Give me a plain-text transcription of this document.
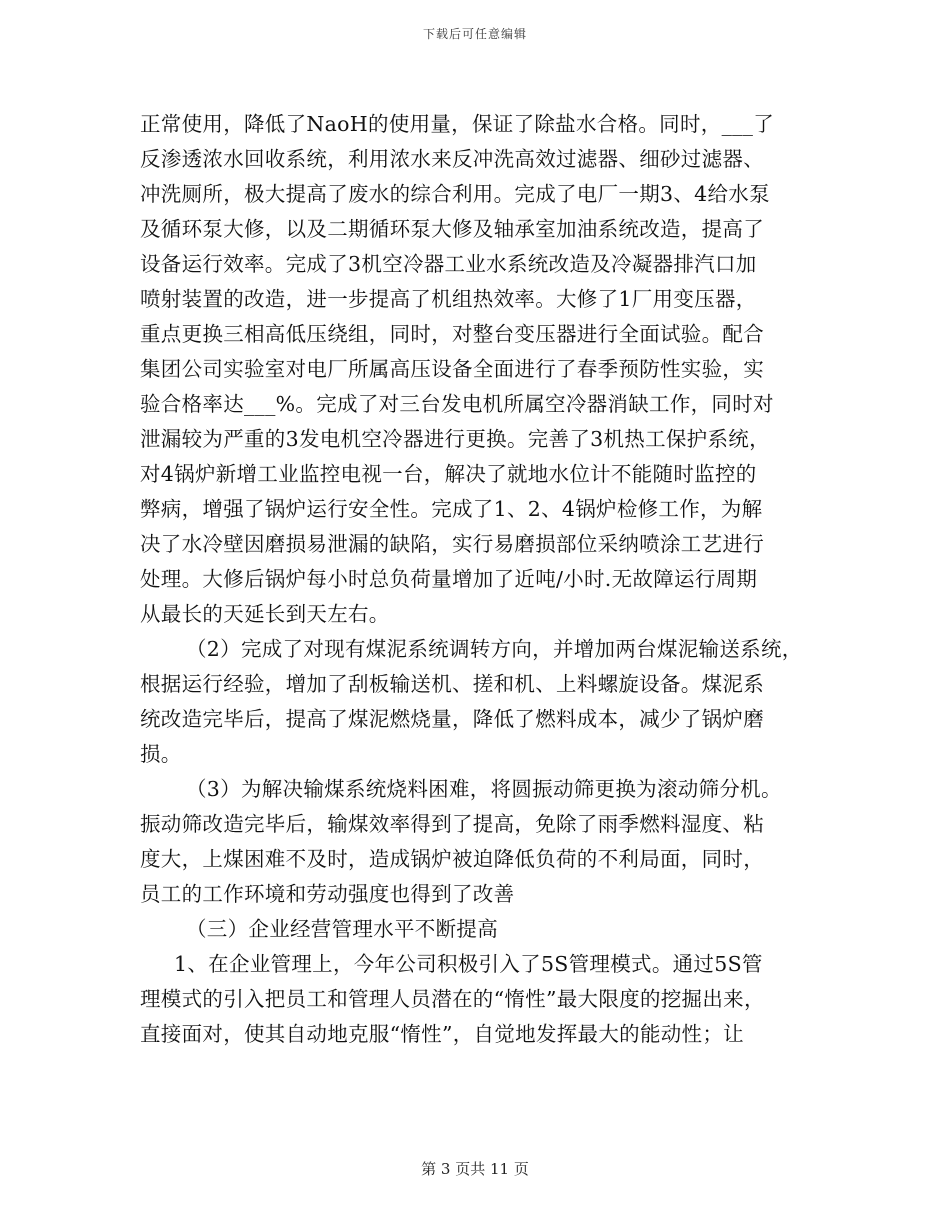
下载后可任意编辑
正常使用，降低了NaoH的使用量，保证了除盐水合格。同时，___了
反渗透浓水回收系统，利用浓水来反冲洗高效过滤器、细砂过滤器、
冲洗厕所，极大提高了废水的综合利用。完成了电厂一期3、4给水泵
及循环泵大修，以及二期循环泵大修及轴承室加油系统改造，提高了
设备运行效率。完成了3机空冷器工业水系统改造及冷凝器排汽口加
喷射装置的改造，进一步提高了机组热效率。大修了1厂用变压器，
重点更换三相高低压绕组，同时，对整台变压器进行全面试验。配合
集团公司实验室对电厂所属高压设备全面进行了春季预防性实验，实
验合格率达___%。完成了对三台发电机所属空冷器消缺工作，同时对
泄漏较为严重的3发电机空冷器进行更换。完善了3机热工保护系统，
对4锅炉新增工业监控电视一台，解决了就地水位计不能随时监控的
弊病，增强了锅炉运行安全性。完成了1、2、4锅炉检修工作，为解
决了水冷壁因磨损易泄漏的缺陷，实行易磨损部位采纳喷涂工艺进行
处理。大修后锅炉每小时总负荷量增加了近吨/小时.无故障运行周期
从最长的天延长到天左右。
（2）完成了对现有煤泥系统调转方向，并增加两台煤泥输送系统，
根据运行经验，增加了刮板输送机、搓和机、上料螺旋设备。煤泥系
统改造完毕后，提高了煤泥燃烧量，降低了燃料成本，减少了锅炉磨
损。
（3）为解决输煤系统烧料困难，将圆振动筛更换为滚动筛分机。
振动筛改造完毕后，输煤效率得到了提高，免除了雨季燃料湿度、粘
度大，上煤困难不及时，造成锅炉被迫降低负荷的不利局面，同时，
员工的工作环境和劳动强度也得到了改善
（三）企业经营管理水平不断提高
1、在企业管理上，今年公司积极引入了5S管理模式。通过5S管
理模式的引入把员工和管理人员潜在的“惰性”最大限度的挖掘出来，
直接面对，使其自动地克服“惰性”，自觉地发挥最大的能动性；让
第 3 页共 11 页
